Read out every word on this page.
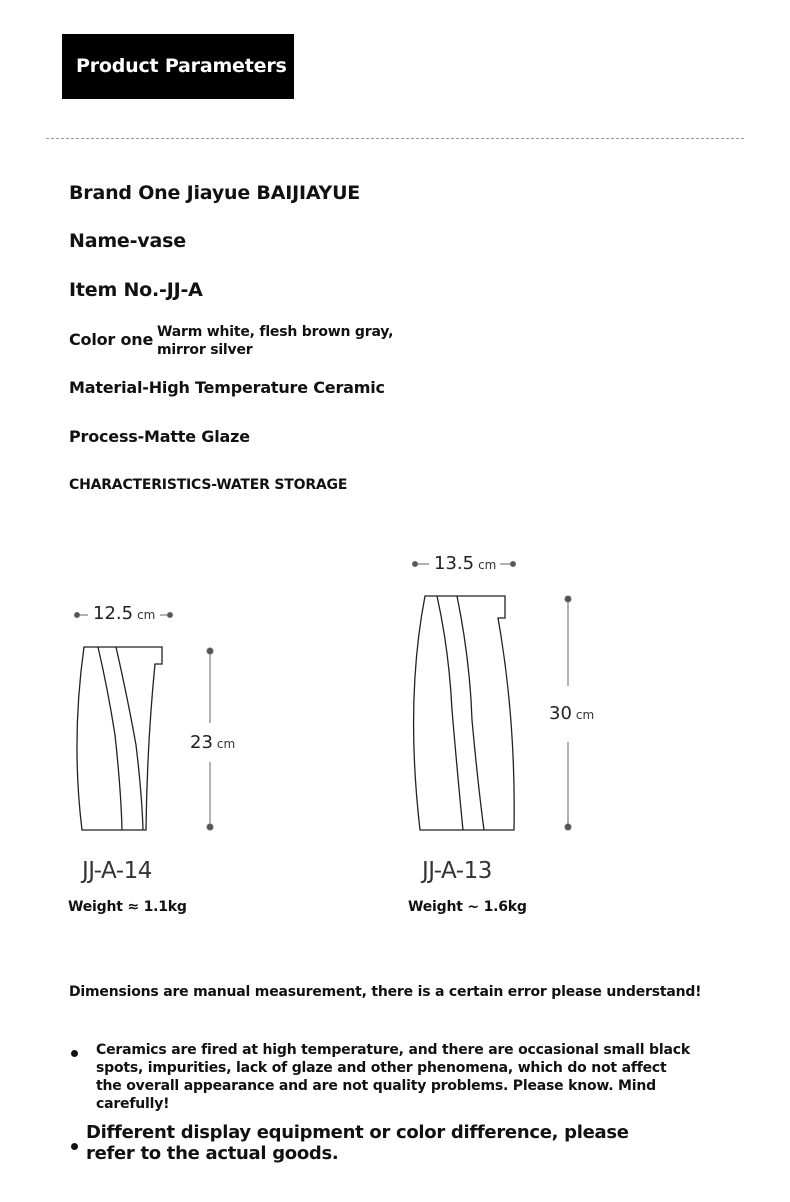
Product Parameters
Brand One Jiayue BAIJIAYUE
Name-vase
Item No.-JJ-A
Color one Warm white, flesh brown gray, mirror silver
Material-High Temperature Ceramic
Process-Matte Glaze
CHARACTERISTICS-WATER STORAGE
12.5 cm
23 cm
13.5 cm
30 cm
JJ-A-14
Weight ≈ 1.1kg
JJ-A-13
Weight ~ 1.6kg
Dimensions are manual measurement, there is a certain error please understand!
Ceramics are fired at high temperature, and there are occasional small black spots, impurities, lack of glaze and other phenomena, which do not affect the overall appearance and are not quality problems. Please know. Mind carefully!
Different display equipment or color difference, please refer to the actual goods.
